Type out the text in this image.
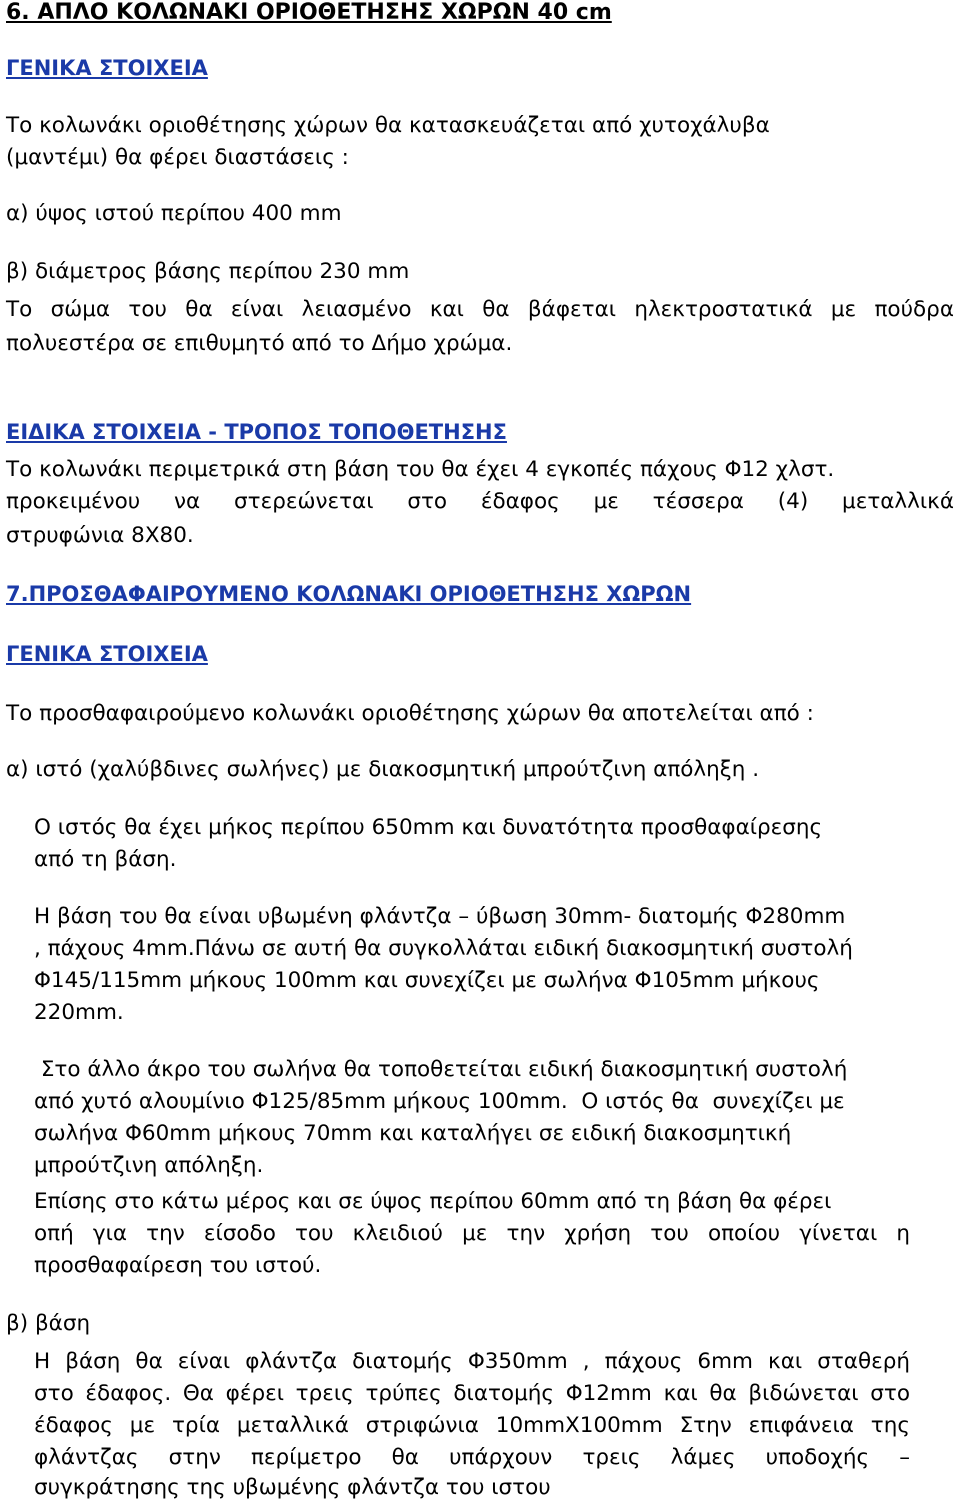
6. ΑΠΛΟ ΚΟΛΩΝΑΚΙ ΟΡΙΟΘΕΤΗΣΗΣ ΧΩΡΩΝ 40 cm

ΓΕΝΙΚΑ ΣΤΟΙΧΕΙΑ

Το κολωνάκι οριοθέτησης χώρων θα κατασκευάζεται από χυτοχάλυβα

(μαντέμι) θα φέρει διαστάσεις :

α) ύψος ιστού περίπου 400 mm

β) διάμετρος βάσης περίπου 230 mm

Το σώμα του θα είναι λειασμένο και θα βάφεται ηλεκτροστατικά με πούδρα

πολυεστέρα σε επιθυμητό από το Δήμο χρώμα.

ΕΙΔΙΚΑ ΣΤΟΙΧΕΙΑ - ΤΡΟΠΟΣ ΤΟΠΟΘΕΤΗΣΗΣ

Το κολωνάκι περιμετρικά στη βάση του θα έχει 4 εγκοπές πάχους Φ12 χλστ.

προκειμένου να στερεώνεται στο έδαφος με τέσσερα (4) μεταλλικά

στρυφώνια 8Χ80.

7.ΠΡΟΣΘΑΦΑΙΡΟΥΜΕΝΟ ΚΟΛΩΝΑΚΙ ΟΡΙΟΘΕΤΗΣΗΣ ΧΩΡΩΝ

ΓΕΝΙΚΑ ΣΤΟΙΧΕΙΑ

Το προσθαφαιρούμενο κολωνάκι οριοθέτησης χώρων θα αποτελείται από :

α) ιστό (χαλύβδινες σωλήνες) με διακοσμητική μπρούτζινη απόληξη .

Ο ιστός θα έχει μήκος περίπου 650mm και δυνατότητα προσθαφαίρεσης

από τη βάση.

Η βάση του θα είναι υβωμένη φλάντζα – ύβωση 30mm- διατομής Φ280mm

, πάχους 4mm.Πάνω σε αυτή θα συγκολλάται ειδική διακοσμητική συστολή

Φ145/115mm μήκους 100mm και συνεχίζει με σωλήνα Φ105mm μήκους

220mm.

Στο άλλο άκρο του σωλήνα θα τοποθετείται ειδική διακοσμητική συστολή

από χυτό αλουμίνιο Φ125/85mm μήκους 100mm.  Ο ιστός θα  συνεχίζει με

σωλήνα Φ60mm μήκους 70mm και καταλήγει σε ειδική διακοσμητική

μπρούτζινη απόληξη.

Επίσης στο κάτω μέρος και σε ύψος περίπου 60mm από τη βάση θα φέρει

οπή για την είσοδο του κλειδιού με την χρήση του οποίου γίνεται η

προσθαφαίρεση του ιστού.

β) βάση

Η βάση θα είναι φλάντζα διατομής Φ350mm , πάχους 6mm και σταθερή

στο έδαφος. Θα φέρει τρεις τρύπες διατομής Φ12mm και θα βιδώνεται στο

έδαφος με τρία μεταλλικά στριφώνια 10mmΧ100mm Στην επιφάνεια της

φλάντζας στην περίμετρο θα υπάρχουν τρεις λάμες υποδοχής –

συγκράτησης της υβωμένης φλάντζα του ιστου
